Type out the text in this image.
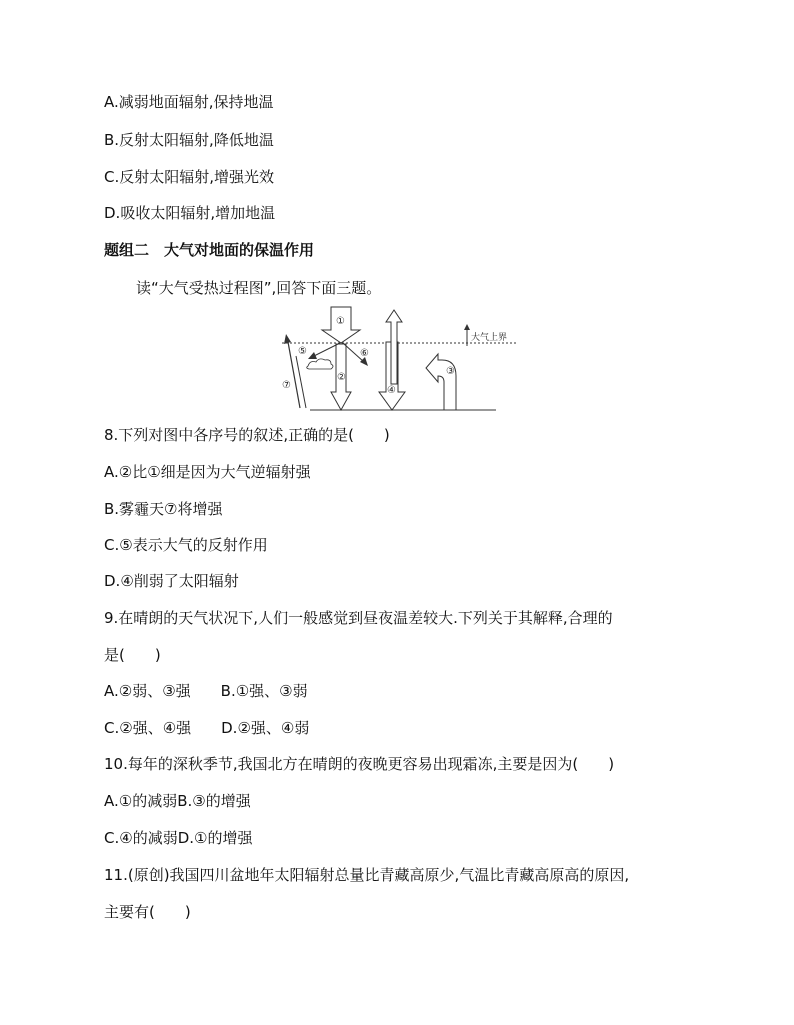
A.减弱地面辐射,保持地温
B.反射太阳辐射,降低地温
C.反射太阳辐射,增强光效
D.吸收太阳辐射,增加地温
题组二　大气对地面的保温作用
读“大气受热过程图”,回答下面三题。
①
②
③
④
⑤	⑥
⑦
大气上界
8.下列对图中各序号的叙述,正确的是(　　)
A.②比①细是因为大气逆辐射强
B.雾霾天⑦将增强
C.⑤表示大气的反射作用
D.④削弱了太阳辐射
9.在晴朗的天气状况下,人们一般感觉到昼夜温差较大.下列关于其解释,合理的
是(　　)
A.②弱、③强　　B.①强、③弱
C.②强、④强　　D.②强、④弱
10.每年的深秋季节,我国北方在晴朗的夜晚更容易出现霜冻,主要是因为(　　)
A.①的减弱B.③的增强
C.④的减弱D.①的增强
11.(原创)我国四川盆地年太阳辐射总量比青藏高原少,气温比青藏高原高的原因,
主要有(　　)
